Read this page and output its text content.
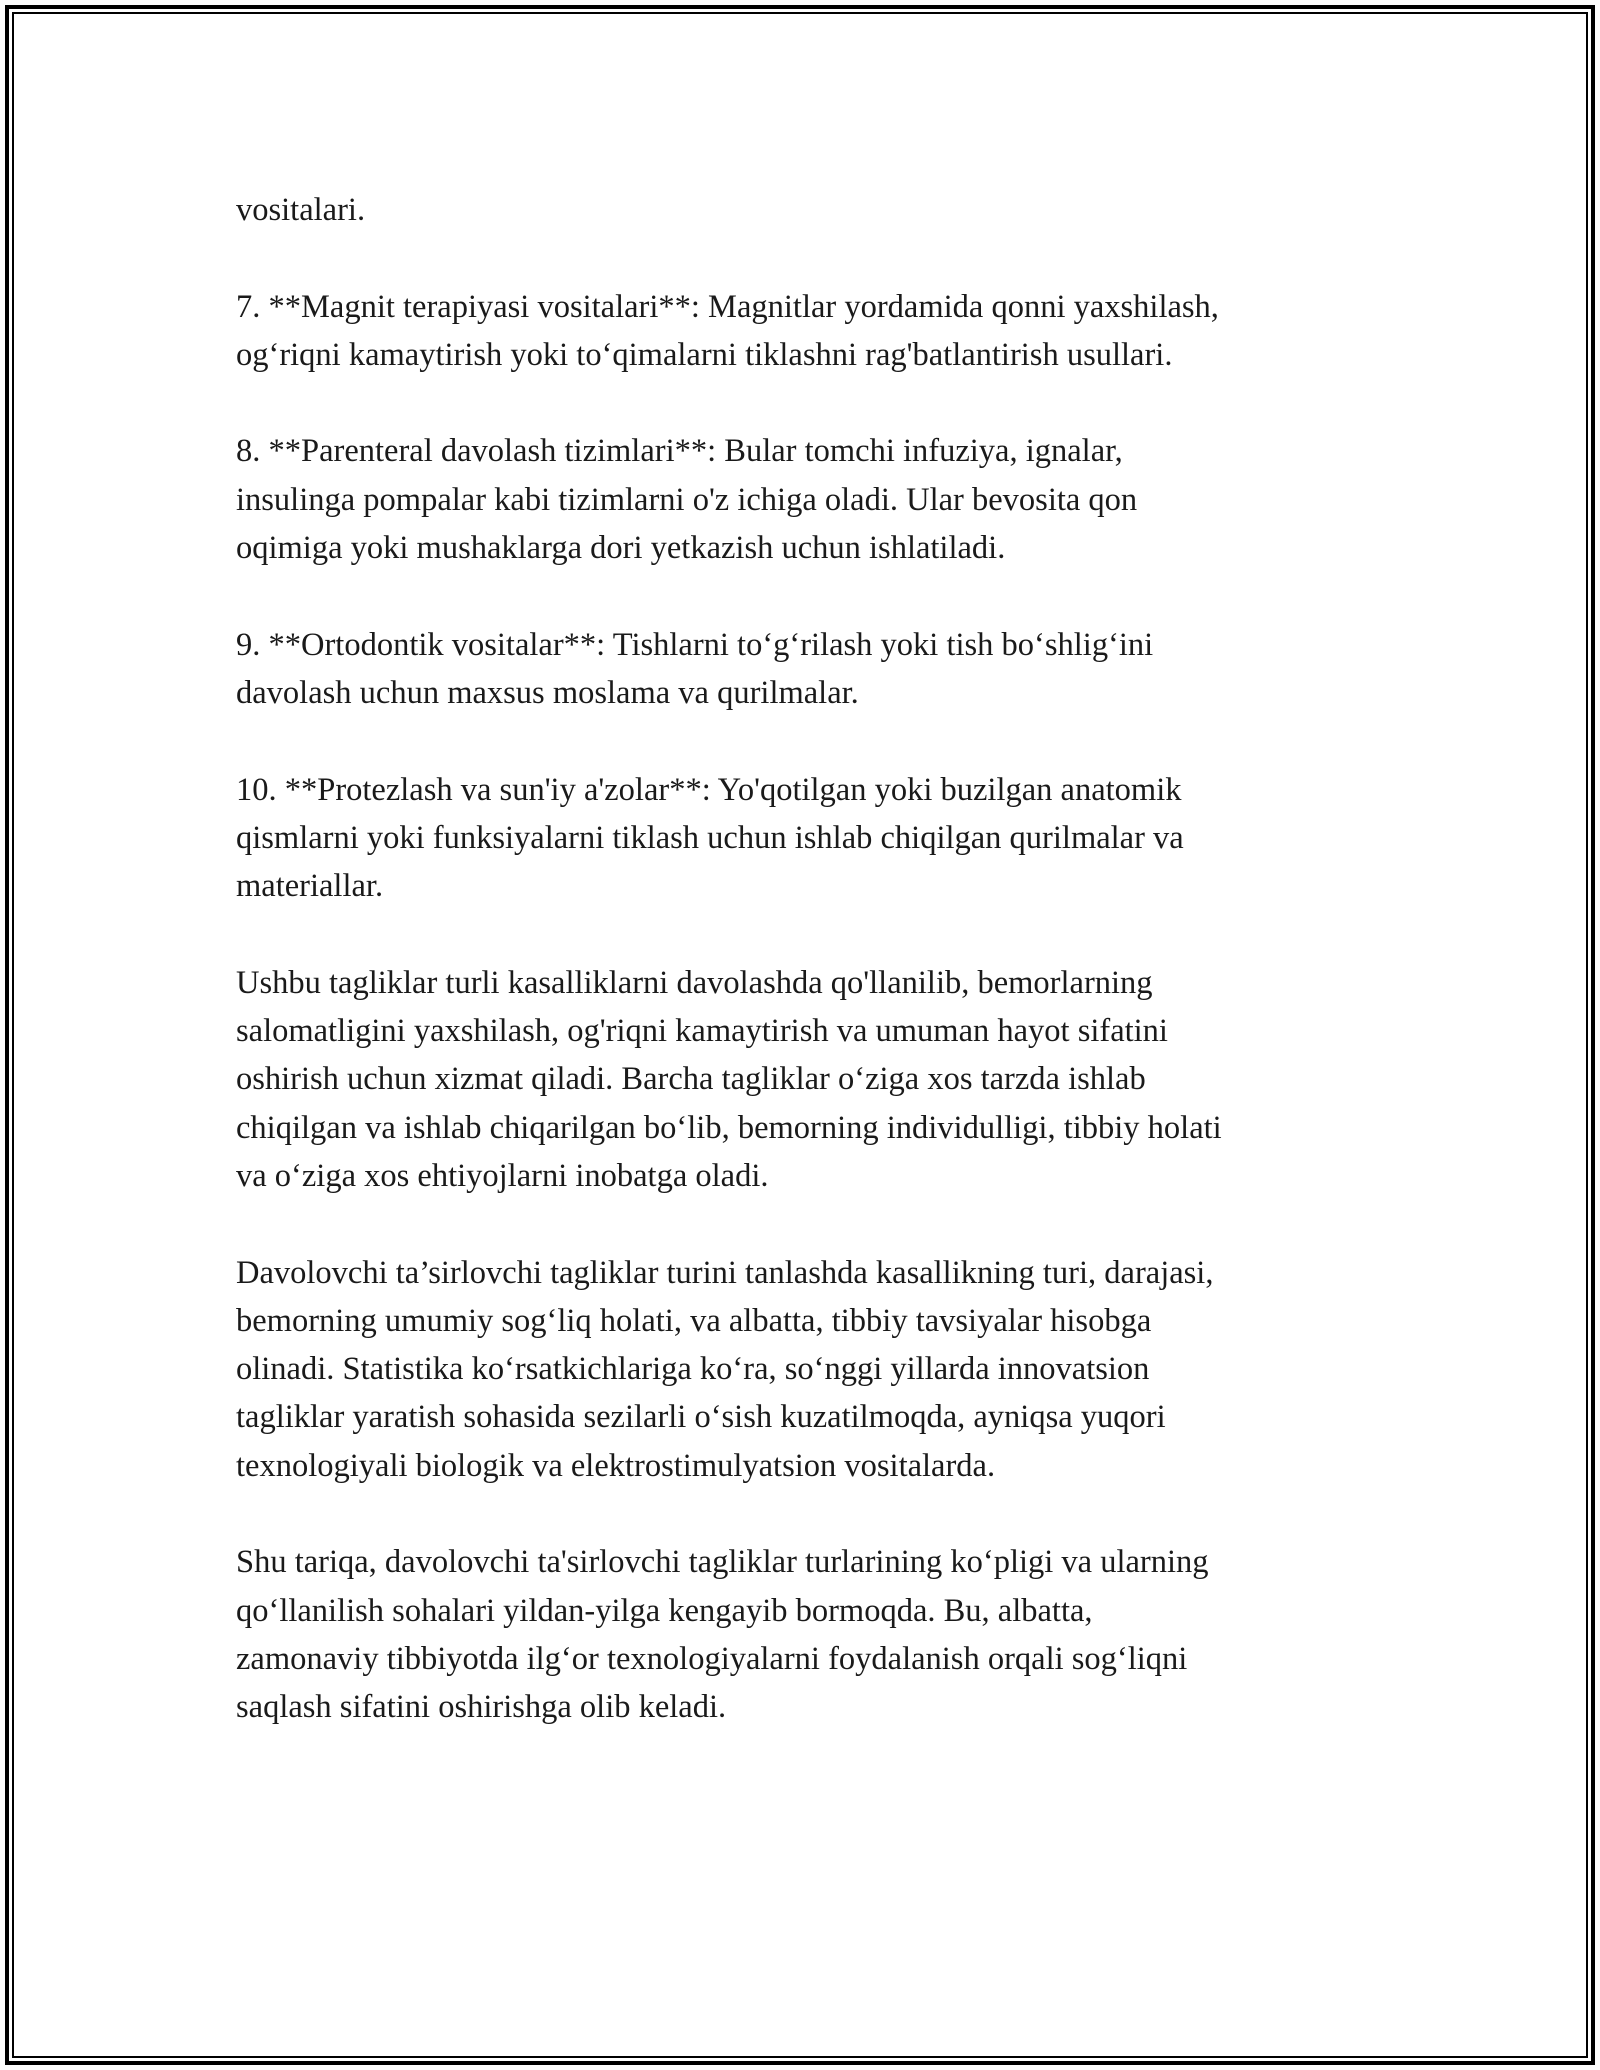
vositalari.

7. **Magnit terapiyasi vositalari**: Magnitlar yordamida qonni yaxshilash,
og‘riqni kamaytirish yoki to‘qimalarni tiklashni rag'batlantirish usullari.

8. **Parenteral davolash tizimlari**: Bular tomchi infuziya, ignalar,
insulinga pompalar kabi tizimlarni o'z ichiga oladi. Ular bevosita qon
oqimiga yoki mushaklarga dori yetkazish uchun ishlatiladi.

9. **Ortodontik vositalar**: Tishlarni to‘g‘rilash yoki tish bo‘shlig‘ini
davolash uchun maxsus moslama va qurilmalar.

10. **Protezlash va sun'iy a'zolar**: Yo'qotilgan yoki buzilgan anatomik
qismlarni yoki funksiyalarni tiklash uchun ishlab chiqilgan qurilmalar va
materiallar.

Ushbu tagliklar turli kasalliklarni davolashda qo'llanilib, bemorlarning
salomatligini yaxshilash, og'riqni kamaytirish va umuman hayot sifatini
oshirish uchun xizmat qiladi. Barcha tagliklar o‘ziga xos tarzda ishlab
chiqilgan va ishlab chiqarilgan bo‘lib, bemorning individulligi, tibbiy holati
va o‘ziga xos ehtiyojlarni inobatga oladi.

Davolovchi ta’sirlovchi tagliklar turini tanlashda kasallikning turi, darajasi,
bemorning umumiy sog‘liq holati, va albatta, tibbiy tavsiyalar hisobga
olinadi. Statistika ko‘rsatkichlariga ko‘ra, so‘nggi yillarda innovatsion
tagliklar yaratish sohasida sezilarli o‘sish kuzatilmoqda, ayniqsa yuqori
texnologiyali biologik va elektrostimulyatsion vositalarda.

Shu tariqa, davolovchi ta'sirlovchi tagliklar turlarining ko‘pligi va ularning
qo‘llanilish sohalari yildan-yilga kengayib bormoqda. Bu, albatta,
zamonaviy tibbiyotda ilg‘or texnologiyalarni foydalanish orqali sog‘liqni
saqlash sifatini oshirishga olib keladi.
